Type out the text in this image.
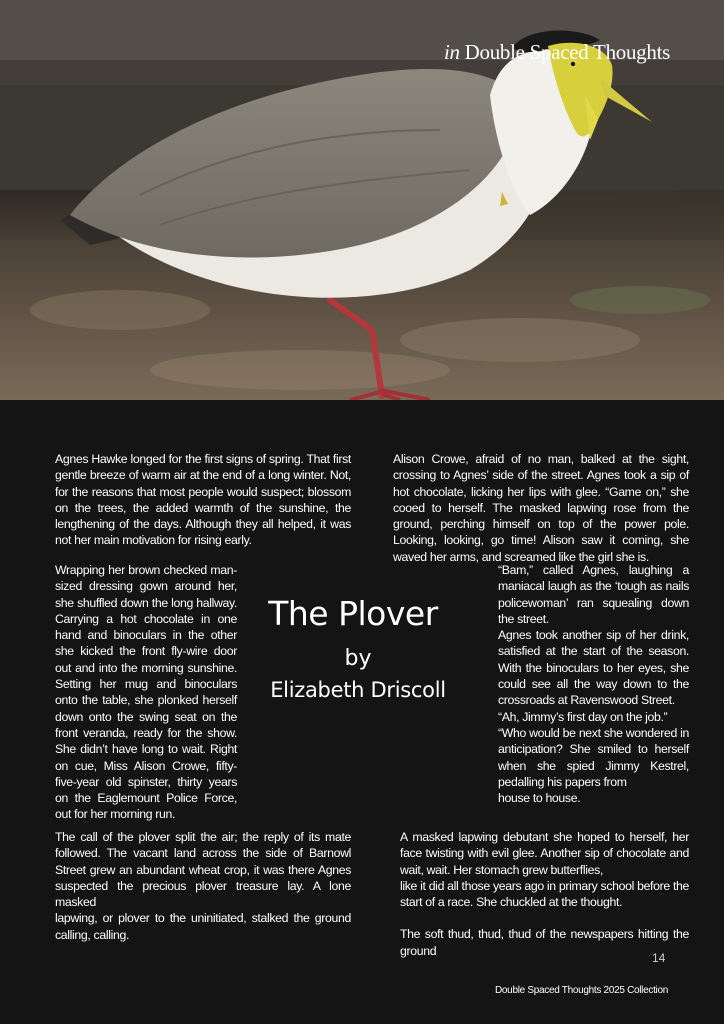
in Double Spaced Thoughts

Agnes Hawke longed for the first signs of spring. That first gentle breeze of warm air at the end of a long winter. Not, for the reasons that most people would suspect; blossom on the trees, the added warmth of the sunshine, the lengthening of the days. Although they all helped, it was not her main motivation for rising early.

Wrapping her brown checked man-sized dressing gown around her, she shuffled down the long hallway. Carrying a hot chocolate in one hand and binoculars in the other she kicked the front fly-wire door out and into the morning sunshine. Setting her mug and binoculars onto the table, she plonked herself down onto the swing seat on the front veranda, ready for the show. She didn’t have long to wait. Right on cue, Miss Alison Crowe, fifty-five-year old spinster, thirty years on the Eaglemount Police Force, out for her morning run.

The call of the plover split the air; the reply of its mate followed. The vacant land across the side of Barnowl Street grew an abundant wheat crop, it was there Agnes suspected the precious plover treasure lay. A lone masked

lapwing, or plover to the uninitiated, stalked the ground calling, calling.

The Plover
by
Elizabeth Driscoll

Alison Crowe, afraid of no man, balked at the sight, crossing to Agnes’ side of the street. Agnes took a sip of hot chocolate, licking her lips with glee. “Game on,” she cooed to herself. The masked lapwing rose from the ground, perching himself on top of the power pole. Looking, looking, go time! Alison saw it coming, she waved her arms, and screamed like the girl she is.

“Bam,” called Agnes, laughing a maniacal laugh as the ‘tough as nails policewoman’ ran squealing down the street.

Agnes took another sip of her drink, satisfied at the start of the season. With the binoculars to her eyes, she could see all the way down to the crossroads at Ravenswood Street.

“Ah, Jimmy’s first day on the job.”

“Who would be next she wondered in anticipation? She smiled to herself when she spied Jimmy Kestrel, pedalling his papers from

house to house.

A masked lapwing debutant she hoped to herself, her face twisting with evil glee. Another sip of chocolate and wait, wait. Her stomach grew butterflies,

like it did all those years ago in primary school before the start of a race. She chuckled at the thought.

The soft thud, thud, thud of the newspapers hitting the ground

14
Double Spaced Thoughts 2025 Collection
